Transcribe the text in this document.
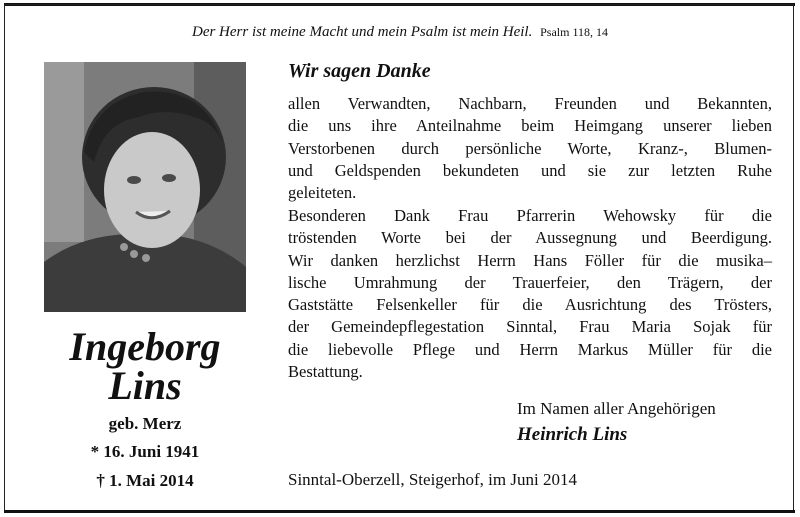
Der Herr ist meine Macht und mein Psalm ist mein Heil. Psalm 118, 14
Ingeborg
Lins
geb. Merz
* 16. Juni 1941
† 1. Mai 2014
Wir sagen Danke
allen Verwandten, Nachbarn, Freunden und Bekannten,
die uns ihre Anteilnahme beim Heimgang unserer lieben
Verstorbenen durch persönliche Worte, Kranz-, Blumen-
und Geldspenden bekundeten und sie zur letzten Ruhe
geleiteten.
Besonderen Dank Frau Pfarrerin Wehowsky für die
tröstenden Worte bei der Aussegnung und Beerdigung.
Wir danken herzlichst Herrn Hans Föller für die musika–
lische Umrahmung der Trauerfeier, den Trägern, der
Gaststätte Felsenkeller für die Ausrichtung des Trösters,
der Gemeindepflegestation Sinntal, Frau Maria Sojak für
die liebevolle Pflege und Herrn Markus Müller für die
Bestattung.
Im Namen aller Angehörigen
Heinrich Lins
Sinntal-Oberzell, Steigerhof, im Juni 2014
